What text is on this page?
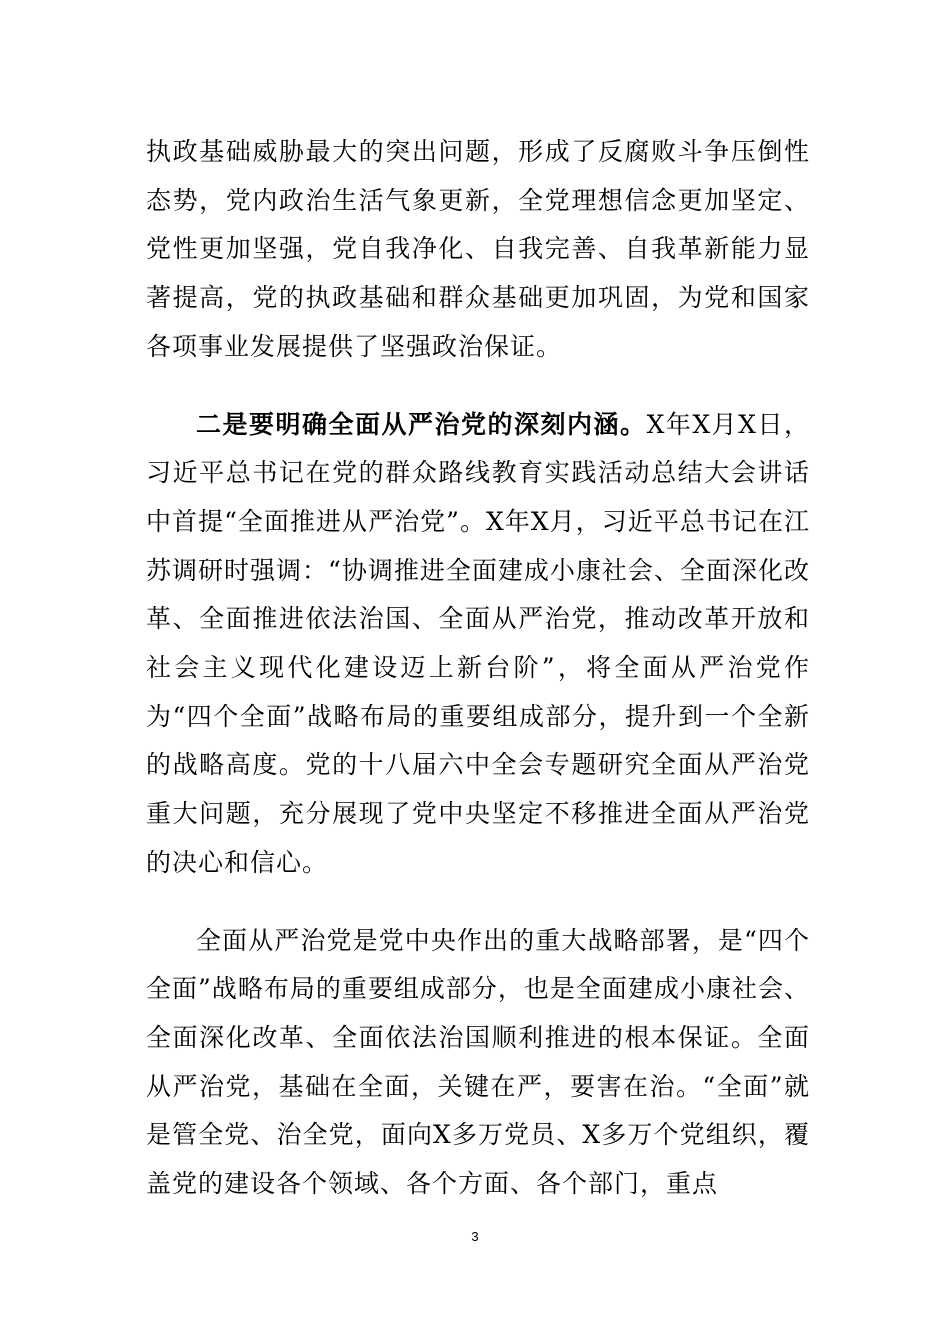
执政基础威胁最大的突出问题，形成了反腐败斗争压倒性态势，党内政治生活气象更新，全党理想信念更加坚定、党性更加坚强，党自我净化、自我完善、自我革新能力显著提高，党的执政基础和群众基础更加巩固，为党和国家各项事业发展提供了坚强政治保证。

二是要明确全面从严治党的深刻内涵。X年X月X日，习近平总书记在党的群众路线教育实践活动总结大会讲话中首提“全面推进从严治党”。X年X月，习近平总书记在江苏调研时强调：“协调推进全面建成小康社会、全面深化改革、全面推进依法治国、全面从严治党，推动改革开放和社会主义现代化建设迈上新台阶”，将全面从严治党作为“四个全面”战略布局的重要组成部分，提升到一个全新的战略高度。党的十八届六中全会专题研究全面从严治党重大问题，充分展现了党中央坚定不移推进全面从严治党的决心和信心。

全面从严治党是党中央作出的重大战略部署，是“四个全面”战略布局的重要组成部分，也是全面建成小康社会、全面深化改革、全面依法治国顺利推进的根本保证。全面从严治党，基础在全面，关键在严，要害在治。“全面”就是管全党、治全党，面向X多万党员、X多万个党组织，覆盖党的建设各个领域、各个方面、各个部门，重点

3
